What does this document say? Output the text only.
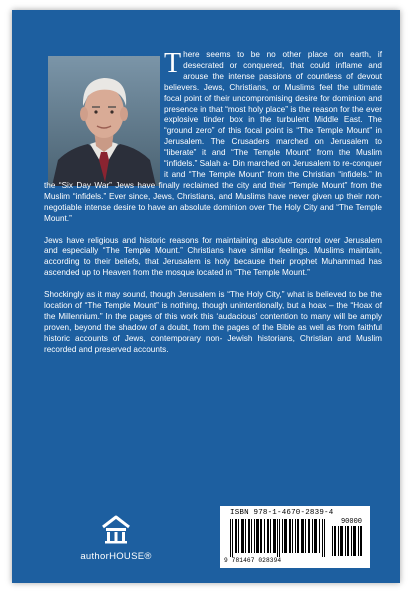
There seems to be no other place on earth, if desecrated or conquered, that could inflame and arouse the intense passions of countless of devout believers. Jews, Christians, or Muslims feel the ultimate focal point of their uncompromising desire for dominion and presence in that “most holy place” is the reason for the ever explosive tinder box in the turbulent Middle East. The “ground zero” of this focal point is “The Temple Mount” in Jerusalem. The Crusaders marched on Jerusalem to “liberate” it and “The Temple Mount” from the Muslim “infidels.” Salah a- Din marched on Jerusalem to re-conquer it and “The Temple Mount” from the Christian “infidels.” In the “Six Day War” Jews have finally reclaimed the city and their “Temple Mount” from the Muslim “infidels.” Ever since, Jews, Christians, and Muslims have never given up their non-negotiable intense desire to have an absolute dominion over The Holy City and “The Temple Mount.”

Jews have religious and historic reasons for maintaining absolute control over Jerusalem and especially “The Temple Mount.” Christians have similar feelings. Muslims maintain, according to their beliefs, that Jerusalem is holy because their prophet Muhammad has ascended up to Heaven from the mosque located in “The Temple Mount.”

Shockingly as it may sound, though Jerusalem is “The Holy City,” what is believed to be the location of “The Temple Mount” is nothing, though unintentionally, but a hoax – the “Hoax of the Millennium.” In the pages of this work this ‘audacious’ contention to many will be amply proven, beyond the shadow of a doubt, from the pages of the Bible as well as from faithful historic accounts of Jews, contemporary non- Jewish historians, Christian and Muslim recorded and preserved accounts.

authorHOUSE®
ISBN 978-1-4670-2839-4
90000
9 781467 028394
